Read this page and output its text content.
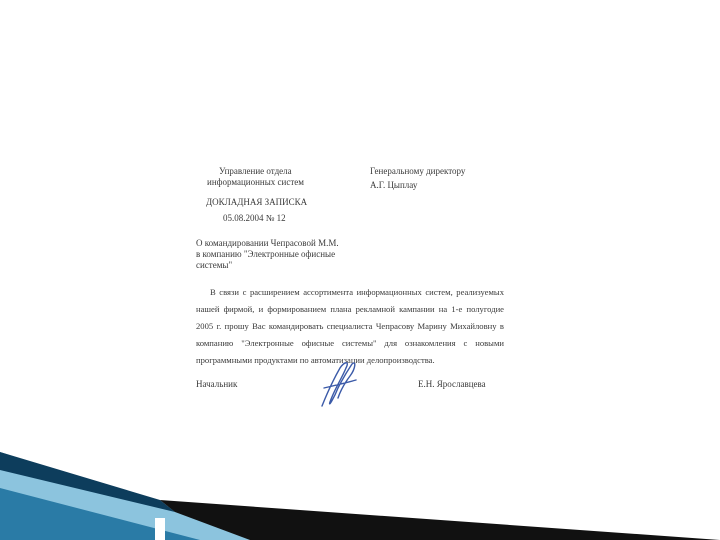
Управление отдела
информационных систем
Генеральному директору
А.Г. Цыплау
ДОКЛАДНАЯ ЗАПИСКА
05.08.2004 № 12
О командировании Чепрасовой М.М.
в компанию "Электронные офисные
системы"
В связи с расширением ассортимента информационных систем, реализуемых
нашей фирмой, и формированием плана рекламной кампании на 1-е полугодие
2005 г. прошу Вас командировать специалиста Чепрасову Марину Михайловну в
компанию "Электронные офисные системы" для ознакомления с новыми
программными продуктами по автоматизации делопроизводства.
Начальник	Е.Н. Ярославцева
